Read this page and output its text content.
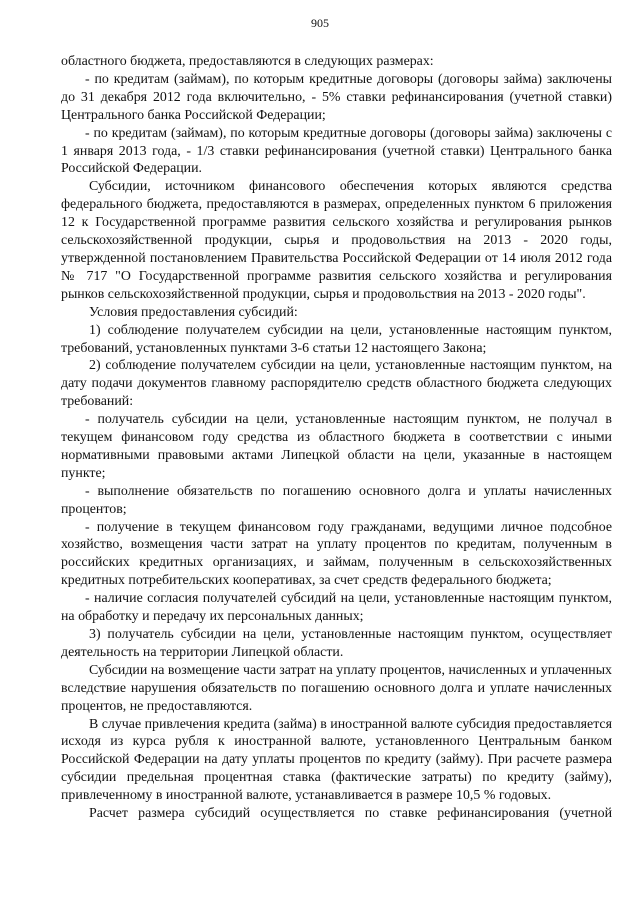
905

областного бюджета, предоставляются в следующих размерах:

- по кредитам (займам), по которым кредитные договоры (договоры займа) заключены до 31 декабря 2012 года включительно, - 5% ставки рефинансирования (учетной ставки) Центрального банка Российской Федерации;

- по кредитам (займам), по которым кредитные договоры (договоры займа) заключены с 1 января 2013 года, - 1/3 ставки рефинансирования (учетной ставки) Центрального банка Российской Федерации.

Субсидии, источником финансового обеспечения которых являются средства федерального бюджета, предоставляются в размерах, определенных пунктом 6 приложения 12 к Государственной программе развития сельского хозяйства и регулирования рынков сельскохозяйственной продукции, сырья и продовольствия на 2013 - 2020 годы, утвержденной постановлением Правительства Российской Федерации от 14 июля 2012 года № 717 "О Государственной программе развития сельского хозяйства и регулирования рынков сельскохозяйственной продукции, сырья и продовольствия на 2013 - 2020 годы".

Условия предоставления субсидий:

1) соблюдение получателем субсидии на цели, установленные настоящим пунктом, требований, установленных пунктами 3-6 статьи 12 настоящего Закона;

2) соблюдение получателем субсидии на цели, установленные настоящим пунктом, на дату подачи документов главному распорядителю средств областного бюджета следующих требований:

- получатель субсидии на цели, установленные настоящим пунктом, не получал в текущем финансовом году средства из областного бюджета в соответствии с иными нормативными правовыми актами Липецкой области на цели, указанные в настоящем пункте;

- выполнение обязательств по погашению основного долга и уплаты начисленных процентов;

- получение в текущем финансовом году гражданами, ведущими личное подсобное хозяйство, возмещения части затрат на уплату процентов по кредитам, полученным в российских кредитных организациях, и займам, полученным в сельскохозяйственных кредитных потребительских кооперативах, за счет средств федерального бюджета;

- наличие согласия получателей субсидий на цели, установленные настоящим пунктом, на обработку и передачу их персональных данных;

3) получатель субсидии на цели, установленные настоящим пунктом, осуществляет деятельность на территории Липецкой области.

Субсидии на возмещение части затрат на уплату процентов, начисленных и уплаченных вследствие нарушения обязательств по погашению основного долга и уплате начисленных процентов, не предоставляются.

В случае привлечения кредита (займа) в иностранной валюте субсидия предоставляется исходя из курса рубля к иностранной валюте, установленного Центральным банком Российской Федерации на дату уплаты процентов по кредиту (займу). При расчете размера субсидии предельная процентная ставка (фактические затраты) по кредиту (займу), привлеченному в иностранной валюте, устанавливается в размере 10,5 % годовых.

Расчет размера субсидий осуществляется по ставке рефинансирования (учетной
